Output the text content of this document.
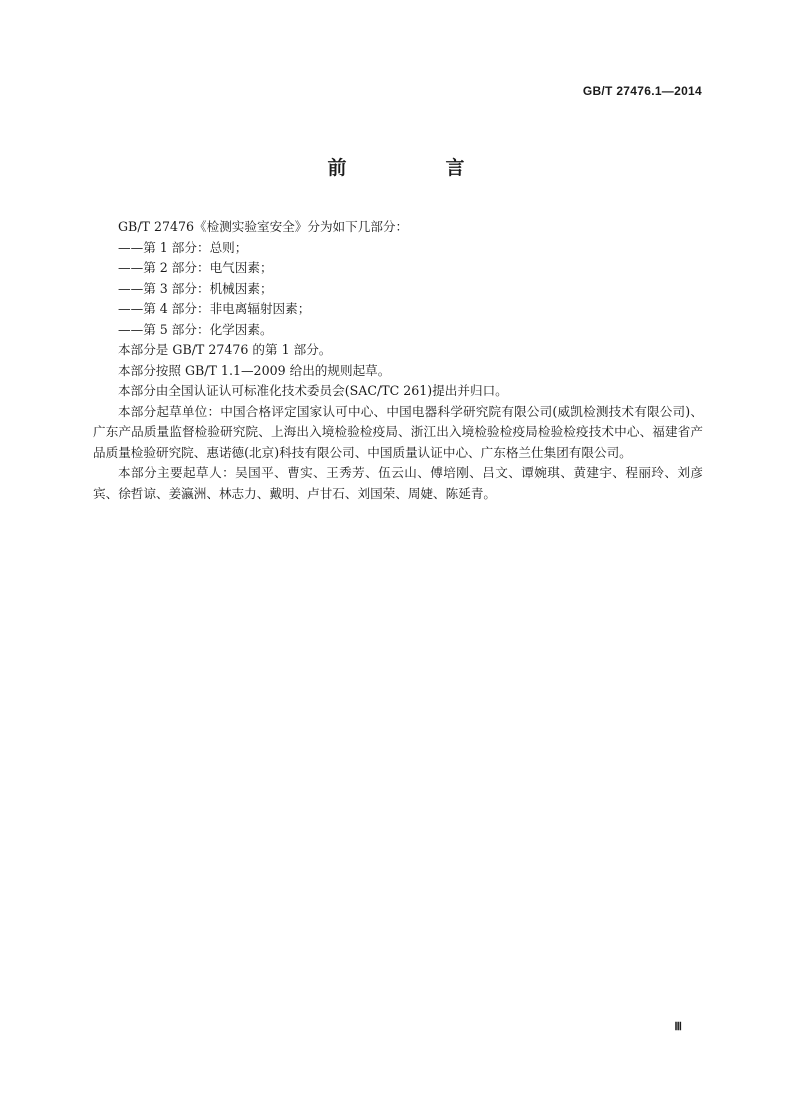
GB/T 27476.1—2014
前　言

GB/T 27476《检测实验室安全》分为如下几部分：

——第 1 部分：总则；

——第 2 部分：电气因素；

——第 3 部分：机械因素；

——第 4 部分：非电离辐射因素；

——第 5 部分：化学因素。

本部分是 GB/T 27476 的第 1 部分。

本部分按照 GB/T 1.1—2009 给出的规则起草。

本部分由全国认证认可标准化技术委员会(SAC/TC 261)提出并归口。

本部分起草单位：中国合格评定国家认可中心、中国电器科学研究院有限公司(威凯检测技术有限公司)、广东产品质量监督检验研究院、上海出入境检验检疫局、浙江出入境检验检疫局检验检疫技术中心、福建省产品质量检验研究院、惠诺德(北京)科技有限公司、中国质量认证中心、广东格兰仕集团有限公司。

本部分主要起草人：吴国平、曹实、王秀芳、伍云山、傅培刚、吕文、谭婉琪、黄建宇、程丽玲、刘彦宾、徐哲谅、姜瀛洲、林志力、戴明、卢甘石、刘国荣、周婕、陈延青。

Ⅲ
